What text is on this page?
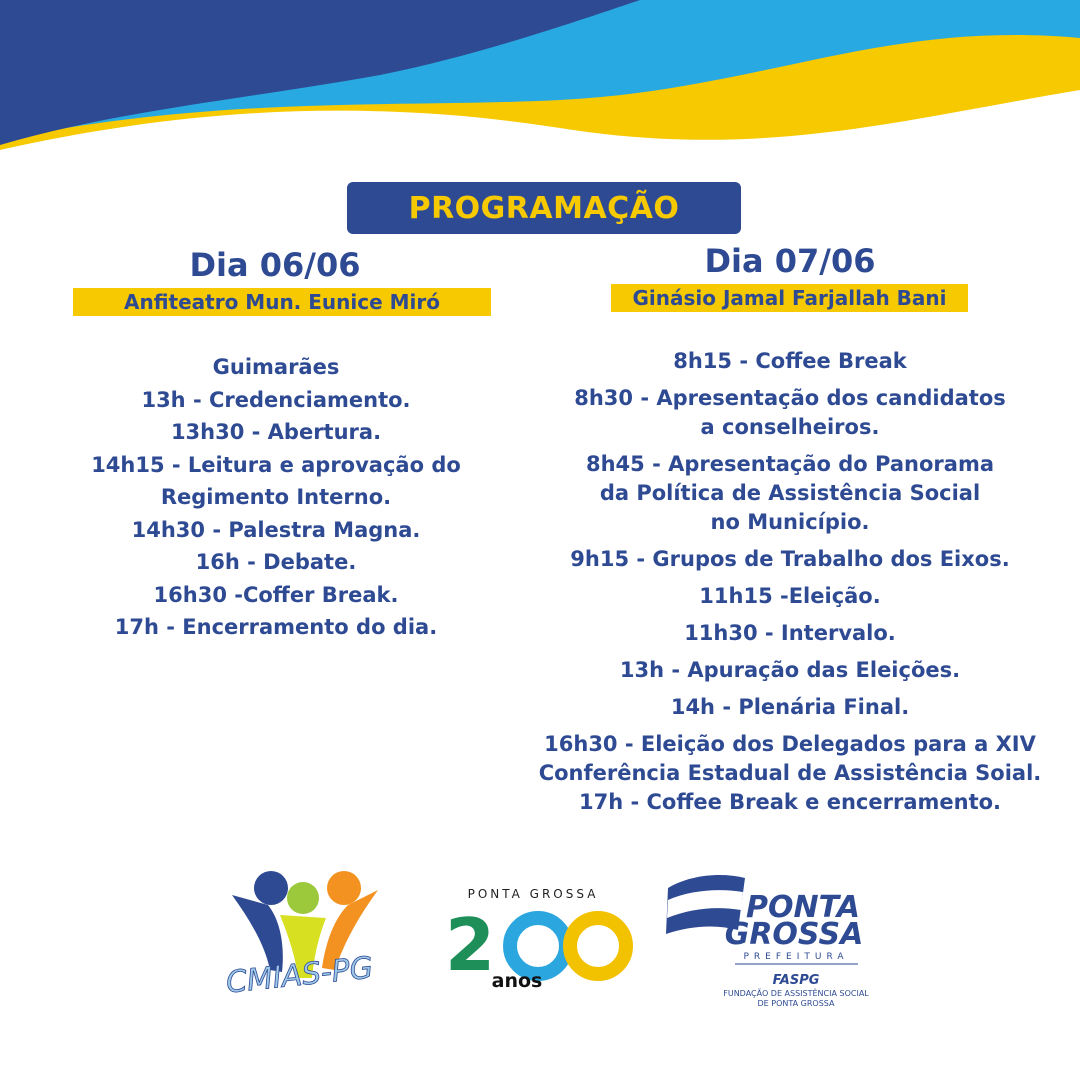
PROGRAMAÇÃO
Dia 06/06
Anfiteatro Mun. Eunice Miró
Dia 07/06
Ginásio Jamal Farjallah Bani
Guimarães
13h - Credenciamento.
13h30 - Abertura.
14h15 - Leitura e aprovação do
Regimento Interno.
14h30 - Palestra Magna.
16h - Debate.
16h30 -Coffer Break.
17h - Encerramento do dia.
8h15 - Coffee Break
8h30 - Apresentação dos candidatos
a conselheiros.
8h45 - Apresentação do Panorama
da Política de Assistência Social
no Município.
9h15 - Grupos de Trabalho dos Eixos.
11h15 -Eleição.
11h30 - Intervalo.
13h - Apuração das Eleições.
14h - Plenária Final.
16h30 - Eleição dos Delegados para a XIV
Conferência Estadual de Assistência Soial.
17h - Coffee Break e encerramento.
CMIAS-PG
PONTA GROSSA
2
anos
PONTA
GROSSA
PREFEITURA
FASPG
FUNDAÇÃO DE ASSISTÊNCIA SOCIAL
DE PONTA GROSSA
